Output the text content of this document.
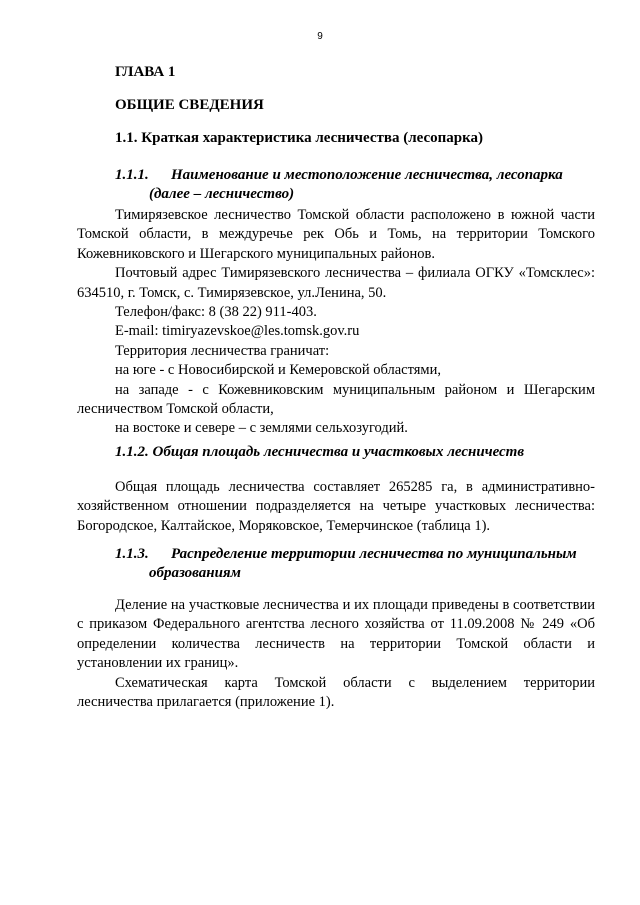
9
ГЛАВА 1
ОБЩИЕ СВЕДЕНИЯ
1.1. Краткая характеристика лесничества (лесопарка)
1.1.1. Наименование и местоположение лесничества, лесопарка
(далее – лесничество)

Тимирязевское лесничество Томской области расположено в южной части Томской области, в междуречье рек Обь и Томь, на территории Томского Кожевниковского и Шегарского муниципальных районов.

Почтовый адрес Тимирязевского лесничества – филиала ОГКУ «Томсклес»: 634510, г. Томск, с. Тимирязевское, ул.Ленина, 50.

Телефон/факс: 8 (38 22) 911-403.

E-mail: timiryazevskoe@les.tomsk.gov.ru

Территория лесничества граничат:

на юге - с Новосибирской и Кемеровской областями,

на западе - с Кожевниковским муниципальным районом и Шегарским лесничеством Томской области,

на востоке и севере – с землями сельхозугодий.

1.1.2. Общая площадь лесничества и участковых лесничеств

Общая площадь лесничества составляет 265285 га, в административно-хозяйственном отношении подразделяется на четыре участковых лесничества: Богородское, Калтайское, Моряковское, Темерчинское (таблица 1).

1.1.3. Распределение территории лесничества по муниципальным
образованиям

Деление на участковые лесничества и их площади приведены в соответствии с приказом Федерального агентства лесного хозяйства от 11.09.2008 № 249 «Об определении количества лесничеств на территории Томской области и установлении их границ».

Схематическая карта Томской области с выделением территории лесничества прилагается (приложение 1).
